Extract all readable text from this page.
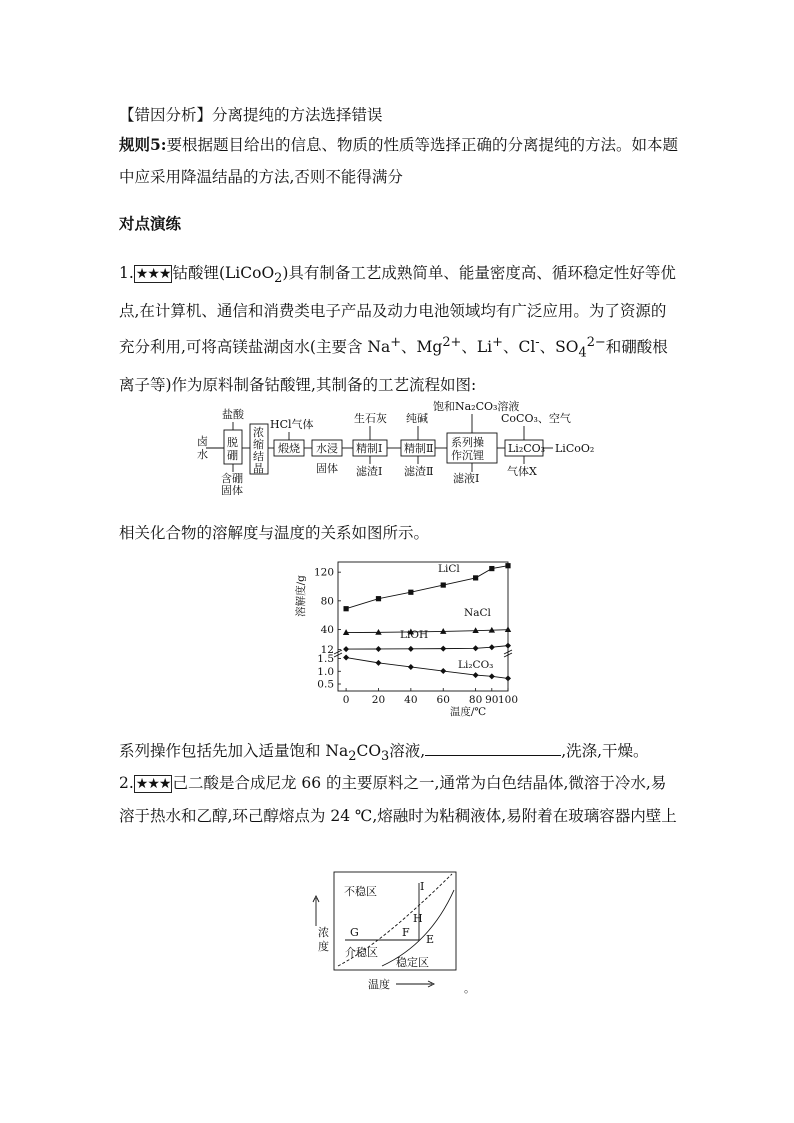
【错因分析】分离提纯的方法选择错误

规则5:要根据题目给出的信息、物质的性质等选择正确的分离提纯的方法。如本题中应采用降温结晶的方法,否则不能得满分

对点演练

1. ★★★ 钴酸锂(LiCoO$_2$)具有制备工艺成熟简单、能量密度高、循环稳定性好等优点,在计算机、通信和消费类电子产品及动力电池领域均有广泛应用。为了资源的充分利用,可将高镁盐湖卤水(主要含 Na+、$Mg^{2+}$、Li+、Cl-、$SO_4^{2-}$和硼酸根离子等)作为原料制备钴酸锂,其制备的工艺流程如图:

卤
水
盐酸
脱
硼
含硼
固体
浓
缩
结
晶
HCl气体
煅烧 水浸
固体
生石灰
精制Ⅰ
滤渣Ⅰ
纯碱
精制Ⅱ
滤渣Ⅱ
饱和Na₂CO₃溶液
系列操
作沉锂
滤液Ⅰ
CoCO₃、空气
Li₂CO₃
气体X
LiCoO₂

相关化合物的溶解度与温度的关系如图所示。

0.5
1.0
1.5
12
40
80
120
0 20 40 60 80 90 100
温度/℃
溶解度/g
LiCl
NaCl
LiOH
Li₂CO₃

系列操作包括先加入适量饱和 $Na_2CO_3$溶液,	,洗涤,干燥。

2. ★★★ 己二酸是合成尼龙 66 的主要原料之一,通常为白色结晶体,微溶于冷水,易溶于热水和乙醇,环己醇熔点为 24 ℃,熔融时为粘稠液体,易附着在玻璃容器内壁上

不稳区
介稳区
稳定区
I
H
G	F
E
浓
度
温度	。
